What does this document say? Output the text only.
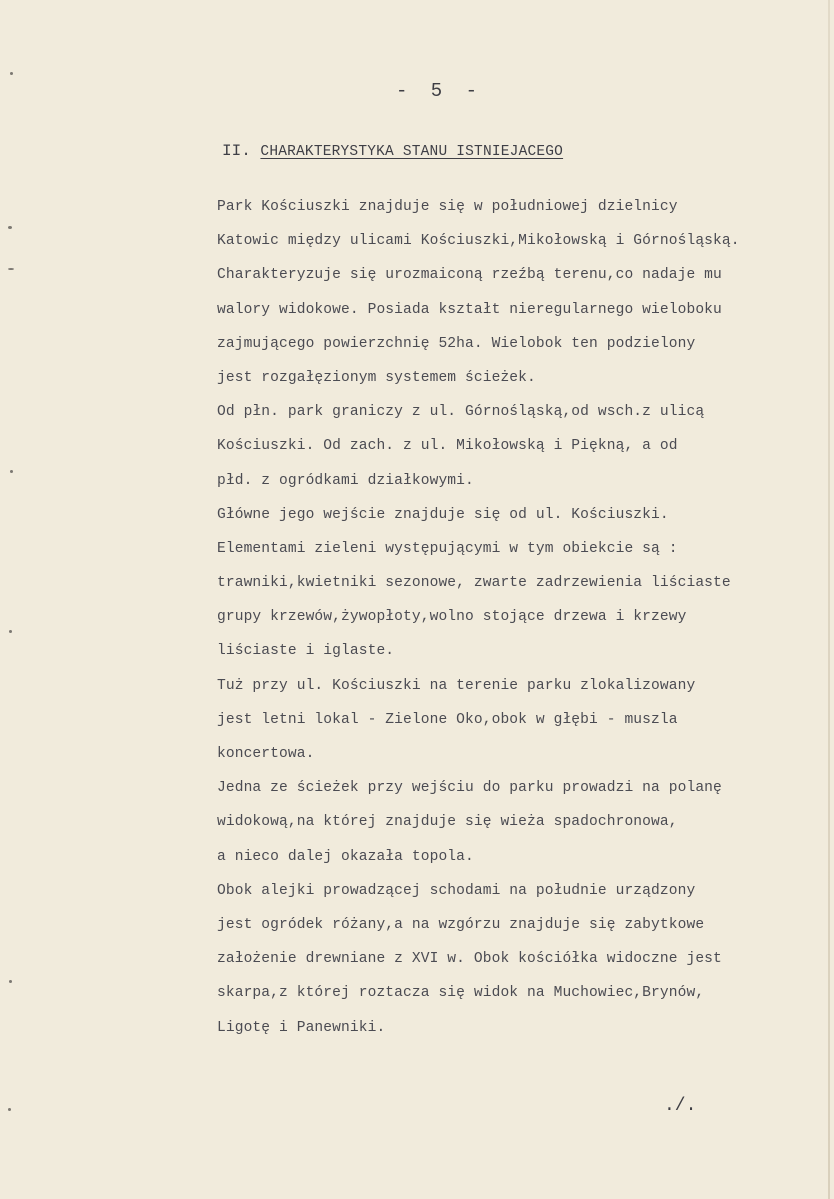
- 5 -
II. CHARAKTERYSTYKA STANU ISTNIEJACEGO
Park Kościuszki znajduje się w południowej dzielnicy
Katowic między ulicami Kościuszki,Mikołowską i Górnośląską.
Charakteryzuje się urozmaiconą rzeźbą terenu,co nadaje mu
walory widokowe. Posiada kształt nieregularnego wieloboku
zajmującego powierzchnię 52ha. Wielobok ten podzielony
jest rozgałęzionym systemem ścieżek.
Od płn. park graniczy z ul. Górnośląską,od wsch.z ulicą
Kościuszki. Od zach. z ul. Mikołowską i Piękną, a od
płd. z ogródkami działkowymi.
Główne jego wejście znajduje się od ul. Kościuszki.
Elementami zieleni występującymi w tym obiekcie są :
trawniki,kwietniki sezonowe, zwarte zadrzewienia liściaste
grupy krzewów,żywopłoty,wolno stojące drzewa i krzewy
liściaste i iglaste.
Tuż przy ul. Kościuszki na terenie parku zlokalizowany
jest letni lokal - Zielone Oko,obok w głębi - muszla
koncertowa.
Jedna ze ścieżek przy wejściu do parku prowadzi na polanę
widokową,na której znajduje się wieża spadochronowa,
a nieco dalej okazała topola.
Obok alejki prowadzącej schodami na południe urządzony
jest ogródek różany,a na wzgórzu znajduje się zabytkowe
założenie drewniane z XVI w. Obok kościółka widoczne jest
skarpa,z której roztacza się widok na Muchowiec,Brynów,
Ligotę i Panewniki.
./.
